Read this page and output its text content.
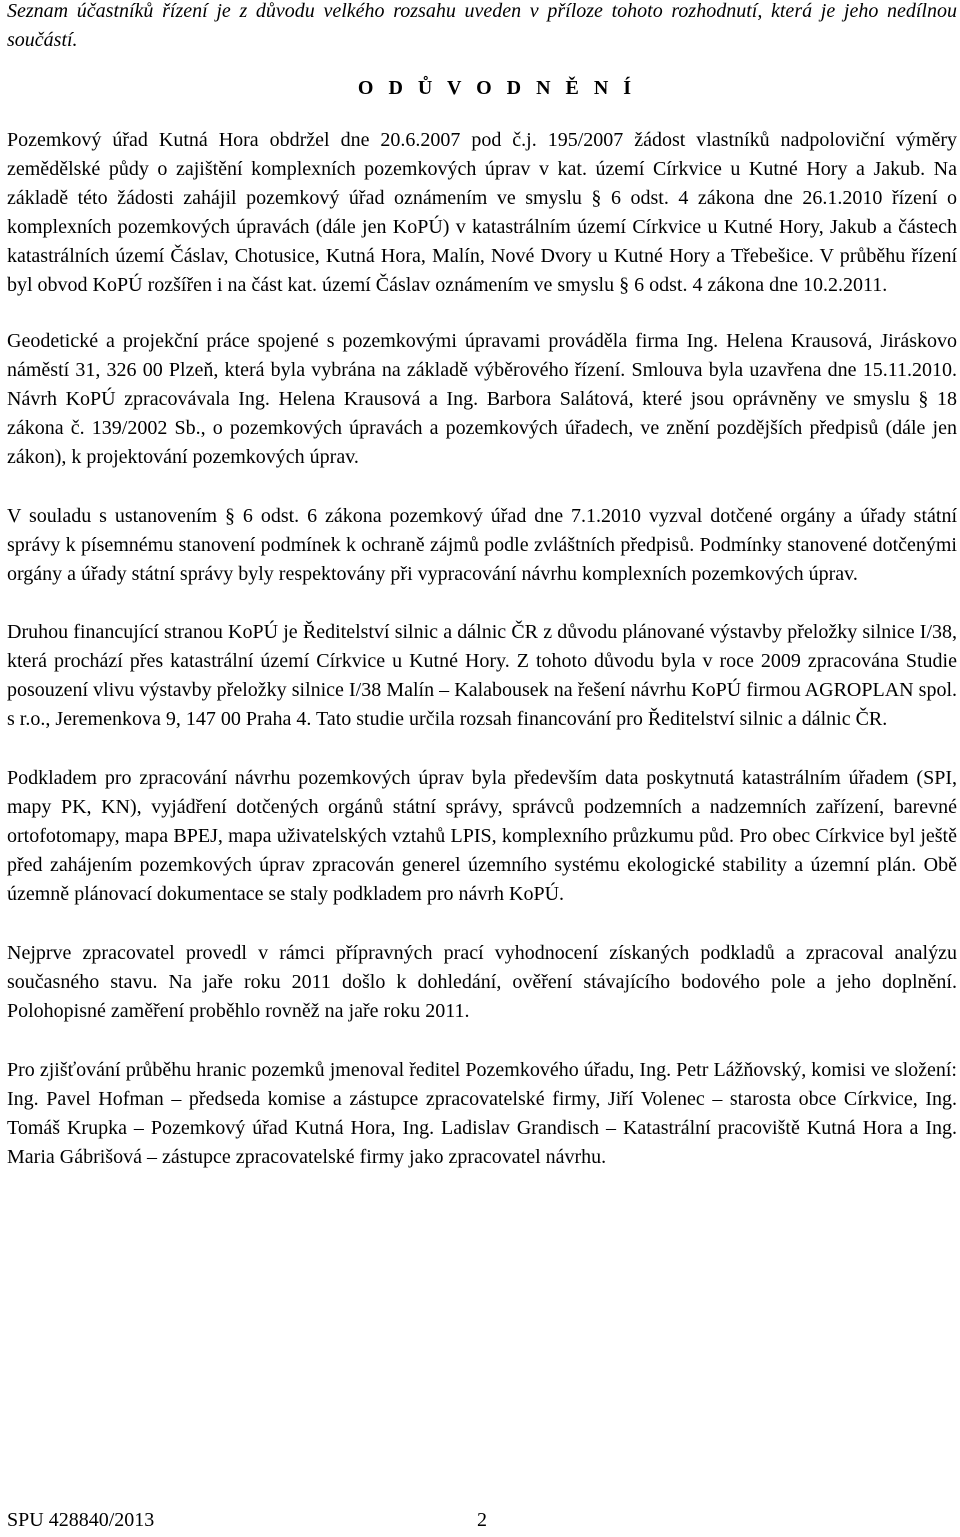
Seznam účastníků řízení je z důvodu velkého rozsahu uveden v příloze tohoto rozhodnutí, která je jeho nedílnou součástí.
O D Ů V O D N Ě N Í

Pozemkový úřad Kutná Hora obdržel dne 20.6.2007 pod č.j. 195/2007 žádost vlastníků nadpoloviční výměry zemědělské půdy o zajištění komplexních pozemkových úprav v kat. území Církvice u Kutné Hory a Jakub. Na základě této žádosti zahájil pozemkový úřad oznámením ve smyslu § 6 odst. 4 zákona dne 26.1.2010 řízení o komplexních pozemkových úpravách (dále jen KoPÚ) v katastrálním území Církvice u Kutné Hory, Jakub a částech katastrálních území Čáslav, Chotusice, Kutná Hora, Malín, Nové Dvory u Kutné Hory a Třebešice. V průběhu řízení byl obvod KoPÚ rozšířen i na část kat. území Čáslav oznámením ve smyslu § 6 odst. 4 zákona dne 10.2.2011.

Geodetické a projekční práce spojené s pozemkovými úpravami prováděla firma Ing. Helena Krausová, Jiráskovo náměstí 31, 326 00 Plzeň, která byla vybrána na základě výběrového řízení. Smlouva byla uzavřena dne 15.11.2010. Návrh KoPÚ zpracovávala Ing. Helena Krausová a Ing. Barbora Salátová, které jsou oprávněny ve smyslu § 18 zákona č. 139/2002 Sb., o pozemkových úpravách a pozemkových úřadech, ve znění pozdějších předpisů (dále jen zákon), k projektování pozemkových úprav.

V souladu s ustanovením § 6 odst. 6 zákona pozemkový úřad dne 7.1.2010 vyzval dotčené orgány a úřady státní správy k písemnému stanovení podmínek k ochraně zájmů podle zvláštních předpisů. Podmínky stanovené dotčenými orgány a úřady státní správy byly respektovány při vypracování návrhu komplexních pozemkových úprav.

Druhou financující stranou KoPÚ je Ředitelství silnic a dálnic ČR z důvodu plánované výstavby přeložky silnice I/38, která prochází přes katastrální území Církvice u Kutné Hory. Z tohoto důvodu byla v roce 2009 zpracována Studie posouzení vlivu výstavby přeložky silnice I/38 Malín – Kalabousek na řešení návrhu KoPÚ firmou AGROPLAN spol. s r.o., Jeremenkova 9, 147 00 Praha 4. Tato studie určila rozsah financování pro Ředitelství silnic a dálnic ČR.

Podkladem pro zpracování návrhu pozemkových úprav byla především data poskytnutá katastrálním úřadem (SPI, mapy PK, KN), vyjádření dotčených orgánů státní správy, správců podzemních a nadzemních zařízení, barevné ortofotomapy, mapa BPEJ, mapa uživatelských vztahů LPIS, komplexního průzkumu půd. Pro obec Církvice byl ještě před zahájením pozemkových úprav zpracován generel územního systému ekologické stability a územní plán. Obě územně plánovací dokumentace se staly podkladem pro návrh KoPÚ.

Nejprve zpracovatel provedl v rámci přípravných prací vyhodnocení získaných podkladů a zpracoval analýzu současného stavu. Na jaře roku 2011 došlo k dohledání, ověření stávajícího bodového pole a jeho doplnění. Polohopisné zaměření proběhlo rovněž na jaře roku 2011.

Pro zjišťování průběhu hranic pozemků jmenoval ředitel Pozemkového úřadu, Ing. Petr Lážňovský, komisi ve složení: Ing. Pavel Hofman – předseda komise a zástupce zpracovatelské firmy, Jiří Volenec – starosta obce Církvice, Ing. Tomáš Krupka – Pozemkový úřad Kutná Hora, Ing. Ladislav Grandisch – Katastrální pracoviště Kutná Hora a Ing. Maria Gábrišová – zástupce zpracovatelské firmy jako zpracovatel návrhu.

SPU 428840/2013	2
